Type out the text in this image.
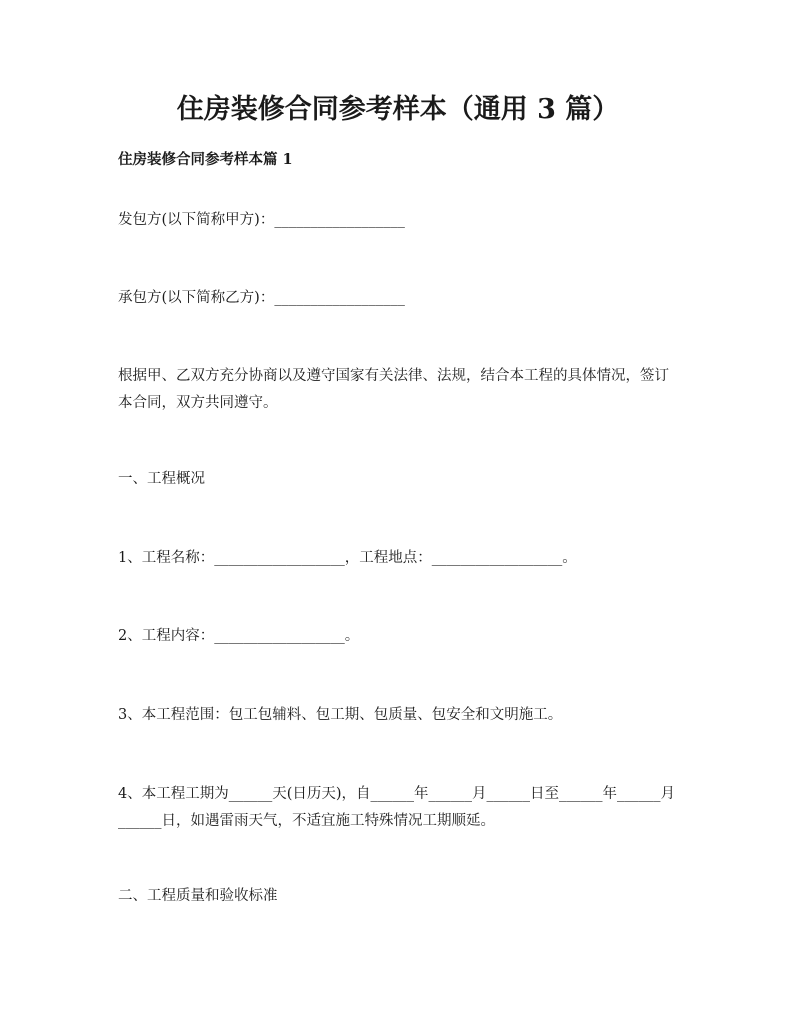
住房装修合同参考样本（通用 3 篇）

住房装修合同参考样本篇 1

发包方(以下简称甲方)：__________________

承包方(以下简称乙方)：__________________

根据甲、乙双方充分协商以及遵守国家有关法律、法规，结合本工程的具体情况，签订本合同，双方共同遵守。

一、工程概况

1、工程名称：__________________，工程地点：__________________。

2、工程内容：__________________。

3、本工程范围：包工包辅料、包工期、包质量、包安全和文明施工。

4、本工程工期为______天(日历天)，自______年______月______日至______年______月______日，如遇雷雨天气，不适宜施工特殊情况工期顺延。

二、工程质量和验收标准
